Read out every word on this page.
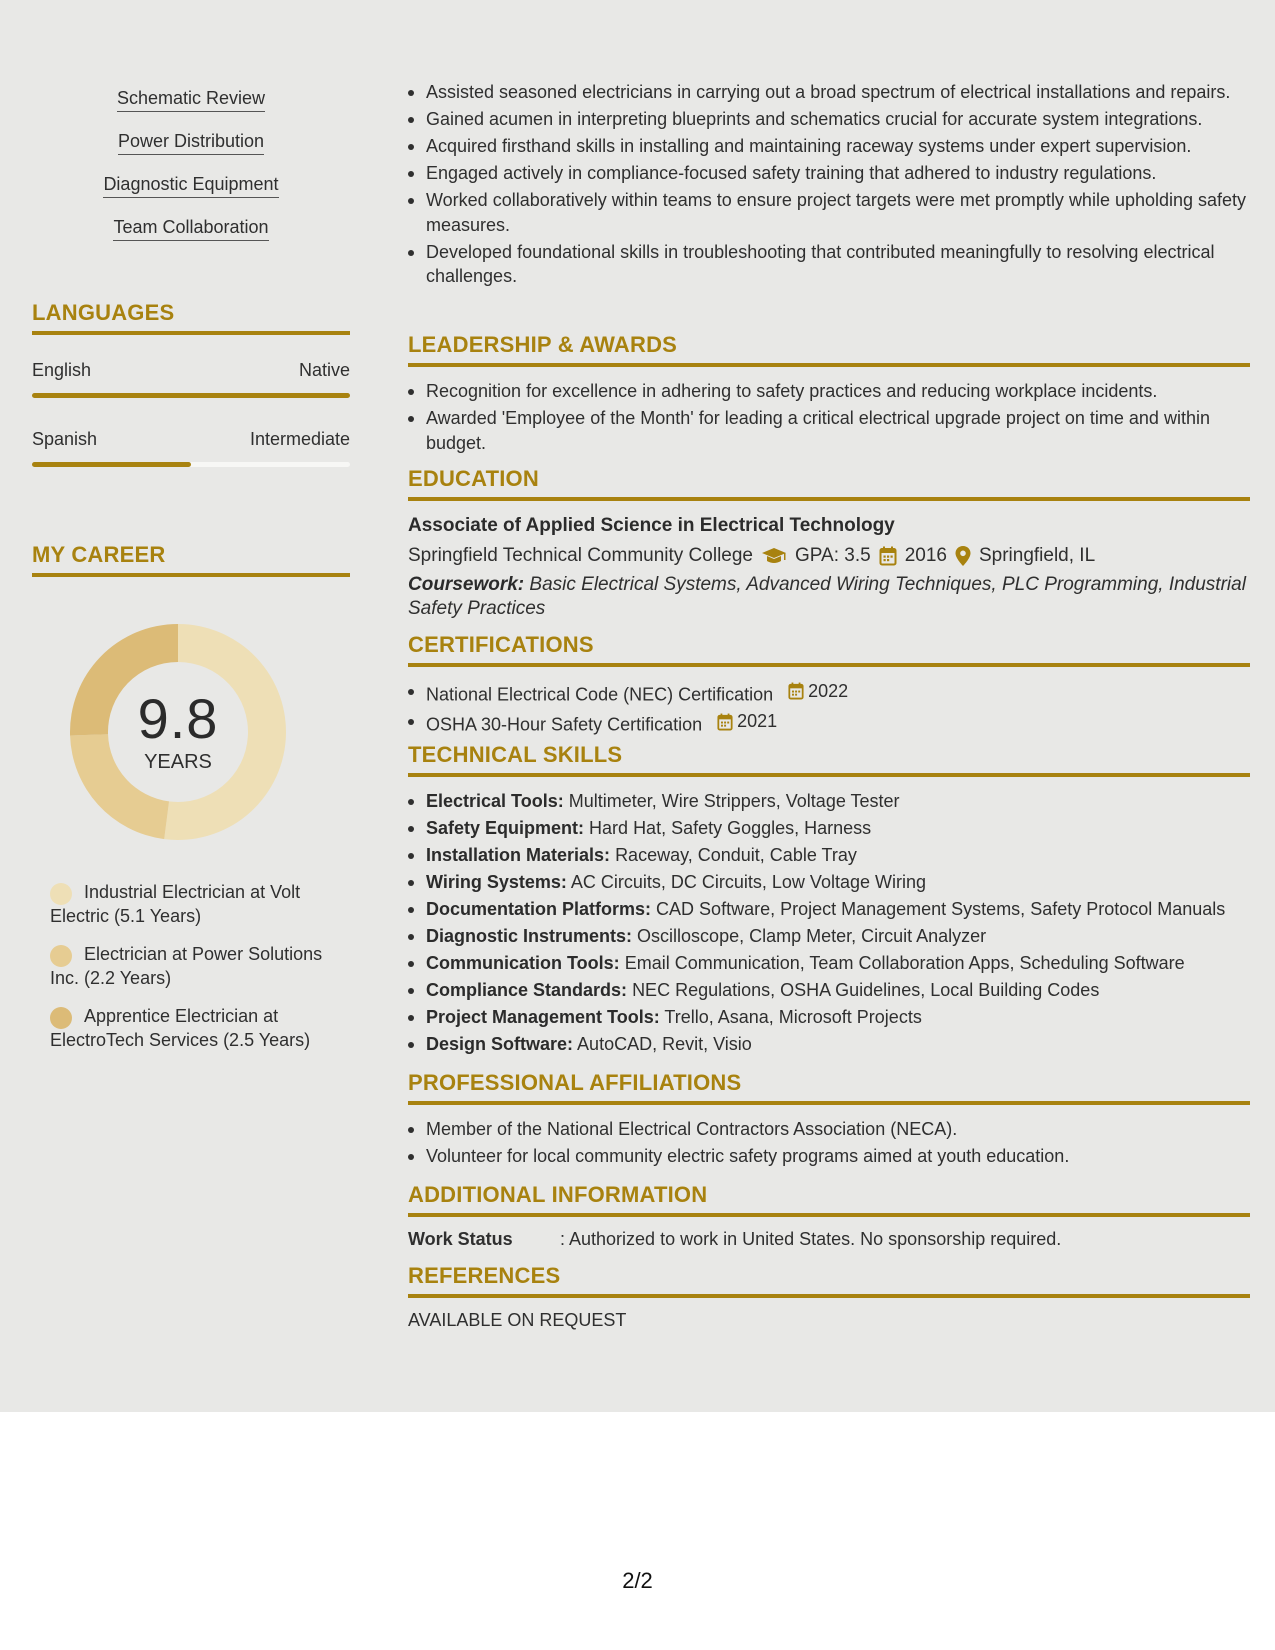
Schematic Review
Power Distribution
Diagnostic Equipment
Team Collaboration
LANGUAGES
English	Native
Spanish	Intermediate
MY CAREER
9.8
YEARS
Industrial Electrician at Volt Electric (5.1 Years)
Electrician at Power Solutions Inc. (2.2 Years)
Apprentice Electrician at ElectroTech Services (2.5 Years)
Assisted seasoned electricians in carrying out a broad spectrum of electrical installations and repairs.
Gained acumen in interpreting blueprints and schematics crucial for accurate system integrations.
Acquired firsthand skills in installing and maintaining raceway systems under expert supervision.
Engaged actively in compliance-focused safety training that adhered to industry regulations.
Worked collaboratively within teams to ensure project targets were met promptly while upholding safety measures.
Developed foundational skills in troubleshooting that contributed meaningfully to resolving electrical challenges.
LEADERSHIP & AWARDS
Recognition for excellence in adhering to safety practices and reducing workplace incidents.
Awarded 'Employee of the Month' for leading a critical electrical upgrade project on time and within budget.
EDUCATION
Associate of Applied Science in Electrical Technology
Springfield Technical Community College GPA: 3.5 2016 Springfield, IL
Coursework: Basic Electrical Systems, Advanced Wiring Techniques, PLC Programming, Industrial Safety Practices
CERTIFICATIONS
National Electrical Code (NEC) Certification 2022
OSHA 30-Hour Safety Certification 2021
TECHNICAL SKILLS
Electrical Tools: Multimeter, Wire Strippers, Voltage Tester
Safety Equipment: Hard Hat, Safety Goggles, Harness
Installation Materials: Raceway, Conduit, Cable Tray
Wiring Systems: AC Circuits, DC Circuits, Low Voltage Wiring
Documentation Platforms: CAD Software, Project Management Systems, Safety Protocol Manuals
Diagnostic Instruments: Oscilloscope, Clamp Meter, Circuit Analyzer
Communication Tools: Email Communication, Team Collaboration Apps, Scheduling Software
Compliance Standards: NEC Regulations, OSHA Guidelines, Local Building Codes
Project Management Tools: Trello, Asana, Microsoft Projects
Design Software: AutoCAD, Revit, Visio
PROFESSIONAL AFFILIATIONS
Member of the National Electrical Contractors Association (NECA).
Volunteer for local community electric safety programs aimed at youth education.
ADDITIONAL INFORMATION
Work Status	: Authorized to work in United States. No sponsorship required.
REFERENCES
AVAILABLE ON REQUEST
2/2
